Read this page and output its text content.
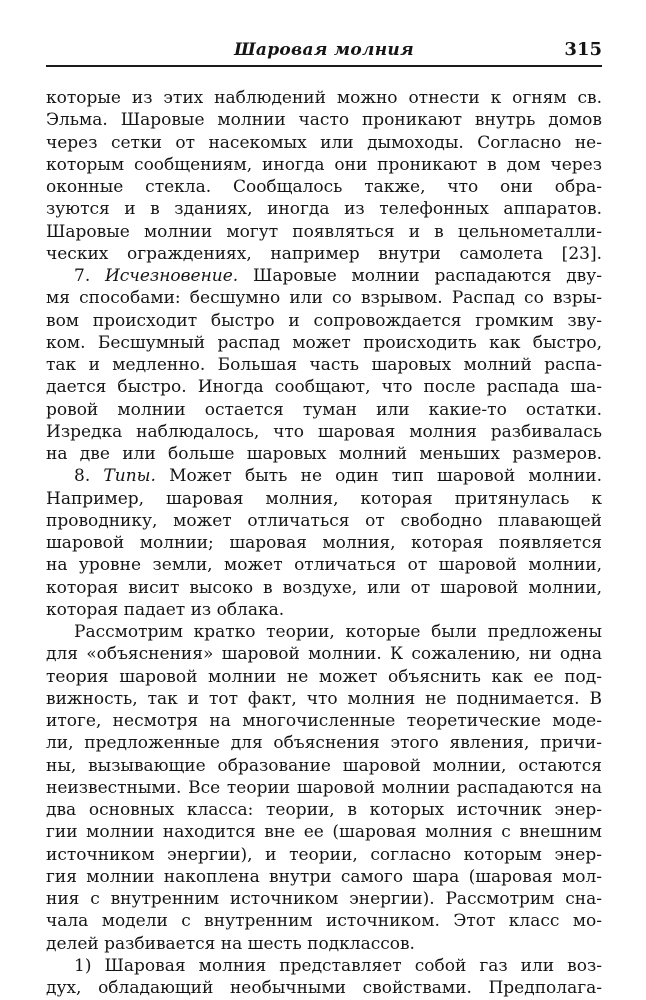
Шаровая молния	315
которые из этих наблюдений можно отнести к огням св.
Эльма. Шаровые молнии часто проникают внутрь домов
через сетки от насекомых или дымоходы. Согласно не-
которым сообщениям, иногда они проникают в дом через
оконные стекла. Сообщалось также, что они обра-
зуются и в зданиях, иногда из телефонных аппаратов.
Шаровые молнии могут появляться и в цельнометалли-
ческих ограждениях, например внутри самолета [23].
7. Исчезновение. Шаровые молнии распадаются дву-
мя способами: бесшумно или со взрывом. Распад со взры-
вом происходит быстро и сопровождается громким зву-
ком. Бесшумный распад может происходить как быстро,
так и медленно. Большая часть шаровых молний распа-
дается быстро. Иногда сообщают, что после распада ша-
ровой молнии остается туман или какие-то остатки.
Изредка наблюдалось, что шаровая молния разбивалась
на две или больше шаровых молний меньших размеров.
8. Типы. Может быть не один тип шаровой молнии.
Например, шаровая молния, которая притянулась к
проводнику, может отличаться от свободно плавающей
шаровой молнии; шаровая молния, которая появляется
на уровне земли, может отличаться от шаровой молнии,
которая висит высоко в воздухе, или от шаровой молнии,
которая падает из облака.
Рассмотрим кратко теории, которые были предложены
для «объяснения» шаровой молнии. К сожалению, ни одна
теория шаровой молнии не может объяснить как ее под-
вижность, так и тот факт, что молния не поднимается. В
итоге, несмотря на многочисленные теоретические моде-
ли, предложенные для объяснения этого явления, причи-
ны, вызывающие образование шаровой молнии, остаются
неизвестными. Все теории шаровой молнии распадаются на
два основных класса: теории, в которых источник энер-
гии молнии находится вне ее (шаровая молния с внешним
источником энергии), и теории, согласно которым энер-
гия молнии накоплена внутри самого шара (шаровая мол-
ния с внутренним источником энергии). Рассмотрим сна-
чала модели с внутренним источником. Этот класс мо-
делей разбивается на шесть подклассов.
1) Шаровая молния представляет собой газ или воз-
дух, обладающий необычными свойствами. Предполага-
